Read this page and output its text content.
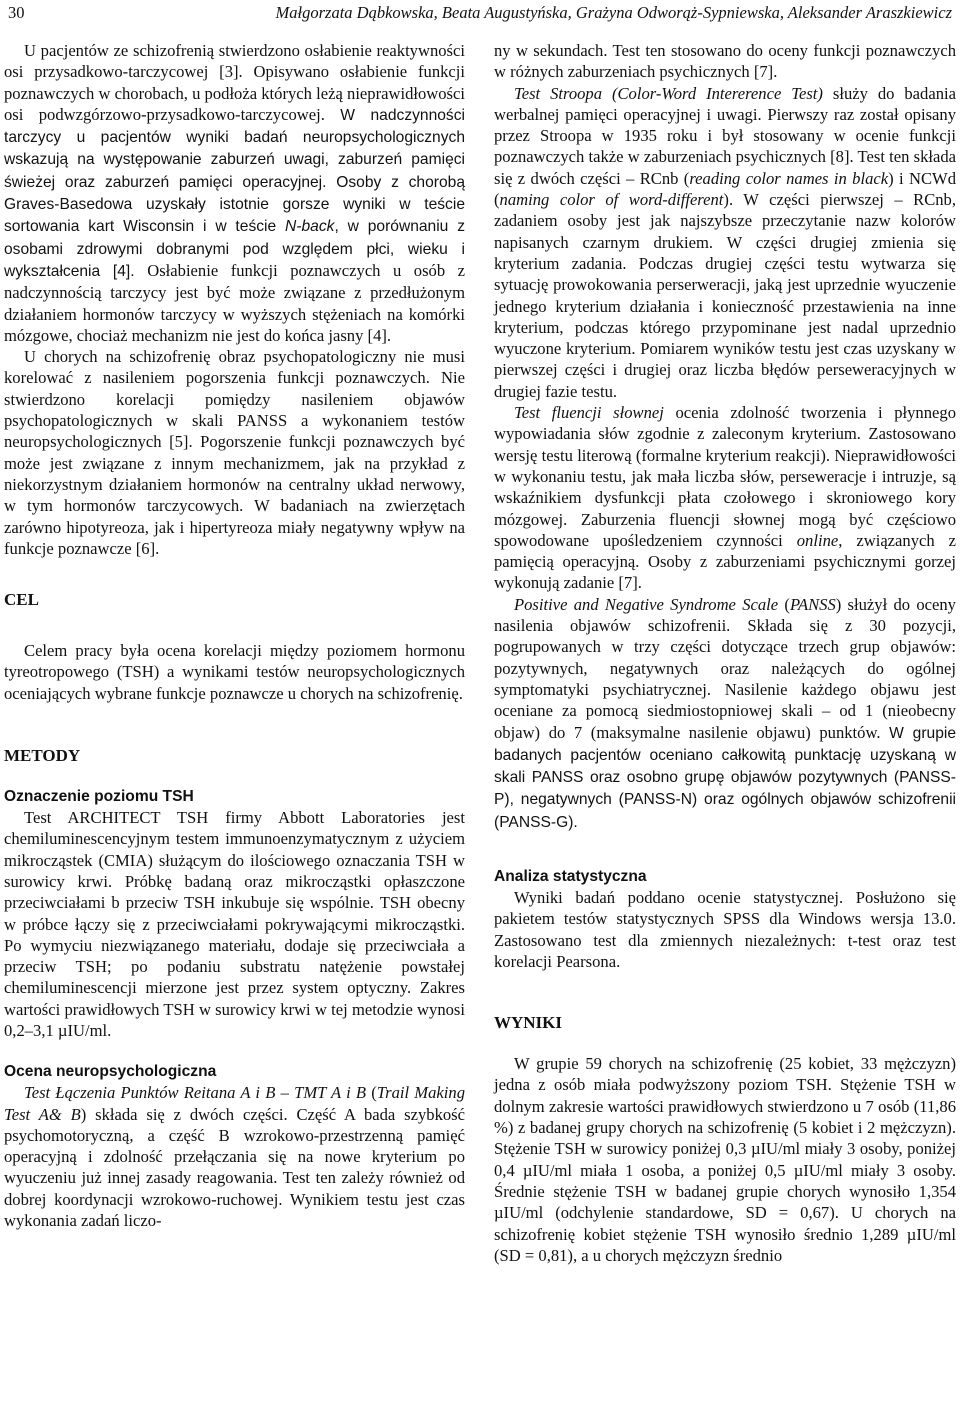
30	Małgorzata Dąbkowska, Beata Augustyńska, Grażyna Odworąż-Sypniewska, Aleksander Araszkiewicz

U pacjentów ze schizofrenią stwierdzono osłabienie reaktywności osi przysadkowo-tarczycowej [3]. Opisywano osłabienie funkcji poznawczych w chorobach, u podłoża których leżą nieprawidłowości osi podwzgórzowo-przysadkowo-tarczycowej. W nadczynności tarczycy u pacjentów wyniki badań neuropsychologicznych wskazują na występowanie zaburzeń uwagi, zaburzeń pamięci świeżej oraz zaburzeń pamięci operacyjnej. Osoby z chorobą Graves-Basedowa uzyskały istotnie gorsze wyniki w teście sortowania kart Wisconsin i w teście N-back, w porównaniu z osobami zdrowymi dobranymi pod względem płci, wieku i wykształcenia [4]. Osłabienie funkcji poznawczych u osób z nadczynnością tarczycy jest być może związane z przedłużonym działaniem hormonów tarczycy w wyższych stężeniach na komórki mózgowe, chociaż mechanizm nie jest do końca jasny [4].

U chorych na schizofrenię obraz psychopatologiczny nie musi korelować z nasileniem pogorszenia funkcji poznawczych. Nie stwierdzono korelacji pomiędzy nasileniem objawów psychopatologicznych w skali PANSS a wykonaniem testów neuropsychologicznych [5]. Pogorszenie funkcji poznawczych być może jest związane z innym mechanizmem, jak na przykład z niekorzystnym działaniem hormonów na centralny układ nerwowy, w tym hormonów tarczycowych. W badaniach na zwierzętach zarówno hipotyreoza, jak i hipertyreoza miały negatywny wpływ na funkcje poznawcze [6].

CEL

Celem pracy była ocena korelacji między poziomem hormonu tyreotropowego (TSH) a wynikami testów neuropsychologicznych oceniających wybrane funkcje poznawcze u chorych na schizofrenię.

METODY
Oznaczenie poziomu TSH

Test ARCHITECT TSH firmy Abbott Laboratories jest chemiluminescencyjnym testem immunoenzymatycznym z użyciem mikrocząstek (CMIA) służącym do ilościowego oznaczania TSH w surowicy krwi. Próbkę badaną oraz mikrocząstki opłaszczone przeciwciałami b przeciw TSH inkubuje się wspólnie. TSH obecny w próbce łączy się z przeciwciałami pokrywającymi mikrocząstki. Po wymyciu niezwiązanego materiału, dodaje się przeciwciała a przeciw TSH; po podaniu substratu natężenie powstałej chemiluminescencji mierzone jest przez system optyczny. Zakres wartości prawidłowych TSH w surowicy krwi w tej metodzie wynosi 0,2–3,1 µIU/ml.

Ocena neuropsychologiczna

Test Łączenia Punktów Reitana A i B – TMT A i B (Trail Making Test A& B) składa się z dwóch części. Część A bada szybkość psychomotoryczną, a część B wzrokowo-przestrzenną pamięć operacyjną i zdolność przełączania się na nowe kryterium po wyuczeniu już innej zasady reagowania. Test ten zależy również od dobrej koordynacji wzrokowo-ruchowej. Wynikiem testu jest czas wykonania zadań liczo-

ny w sekundach. Test ten stosowano do oceny funkcji poznawczych w różnych zaburzeniach psychicznych [7].

Test Stroopa (Color-Word Intererence Test) służy do badania werbalnej pamięci operacyjnej i uwagi. Pierwszy raz został opisany przez Stroopa w 1935 roku i był stosowany w ocenie funkcji poznawczych także w zaburzeniach psychicznych [8]. Test ten składa się z dwóch części – RCnb (reading color names in black) i NCWd (naming color of word-different). W części pierwszej – RCnb, zadaniem osoby jest jak najszybsze przeczytanie nazw kolorów napisanych czarnym drukiem. W części drugiej zmienia się kryterium zadania. Podczas drugiej części testu wytwarza się sytuację prowokowania perserweracji, jaką jest uprzednie wyuczenie jednego kryterium działania i konieczność przestawienia na inne kryterium, podczas którego przypominane jest nadal uprzednio wyuczone kryterium. Pomiarem wyników testu jest czas uzyskany w pierwszej części i drugiej oraz liczba błędów perseweracyjnych w drugiej fazie testu.

Test fluencji słownej ocenia zdolność tworzenia i płynnego wypowiadania słów zgodnie z zaleconym kryterium. Zastosowano wersję testu literową (formalne kryterium reakcji). Nieprawidłowości w wykonaniu testu, jak mała liczba słów, perseweracje i intruzje, są wskaźnikiem dysfunkcji płata czołowego i skroniowego kory mózgowej. Zaburzenia fluencji słownej mogą być częściowo spowodowane upośledzeniem czynności online, związanych z pamięcią operacyjną. Osoby z zaburzeniami psychicznymi gorzej wykonują zadanie [7].

Positive and Negative Syndrome Scale (PANSS) służył do oceny nasilenia objawów schizofrenii. Składa się z 30 pozycji, pogrupowanych w trzy części dotyczące trzech grup objawów: pozytywnych, negatywnych oraz należących do ogólnej symptomatyki psychiatrycznej. Nasilenie każdego objawu jest oceniane za pomocą siedmiostopniowej skali – od 1 (nieobecny objaw) do 7 (maksymalne nasilenie objawu) punktów. W grupie badanych pacjentów oceniano całkowitą punktację uzyskaną w skali PANSS oraz osobno grupę objawów pozytywnych (PANSS-P), negatywnych (PANSS-N) oraz ogólnych objawów schizofrenii (PANSS-G).

Analiza statystyczna

Wyniki badań poddano ocenie statystycznej. Posłużono się pakietem testów statystycznych SPSS dla Windows wersja 13.0. Zastosowano test dla zmiennych niezależnych: t-test oraz test korelacji Pearsona.

WYNIKI

W grupie 59 chorych na schizofrenię (25 kobiet, 33 mężczyzn) jedna z osób miała podwyższony poziom TSH. Stężenie TSH w dolnym zakresie wartości prawidłowych stwierdzono u 7 osób (11,86 %) z badanej grupy chorych na schizofrenię (5 kobiet i 2 mężczyzn). Stężenie TSH w surowicy poniżej 0,3 µIU/ml miały 3 osoby, poniżej 0,4 µIU/ml miała 1 osoba, a poniżej 0,5 µIU/ml miały 3 osoby. Średnie stężenie TSH w badanej grupie chorych wynosiło 1,354 µIU/ml (odchylenie standardowe, SD = 0,67). U chorych na schizofrenię kobiet stężenie TSH wynosiło średnio 1,289 µIU/ml (SD = 0,81), a u chorych mężczyzn średnio
